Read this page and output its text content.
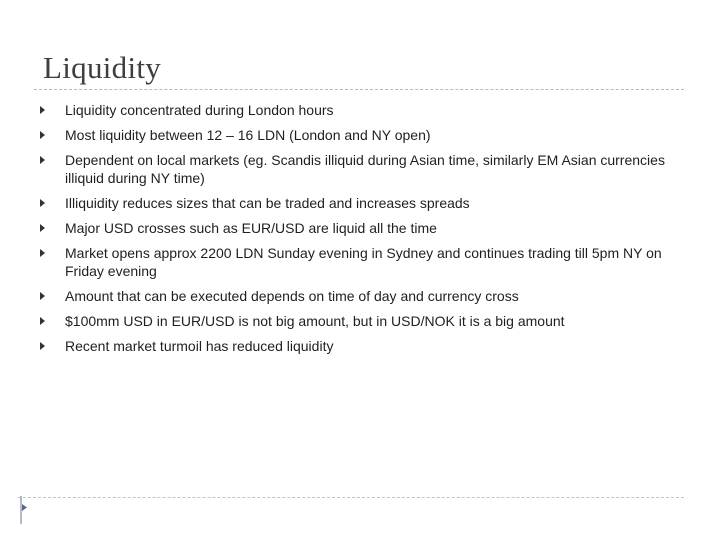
Liquidity
Liquidity concentrated during London hours
Most liquidity between 12 – 16 LDN (London and NY open)
Dependent on local markets (eg. Scandis illiquid during Asian time, similarly EM Asian currencies illiquid during NY time)
Illiquidity reduces sizes that can be traded and increases spreads
Major USD crosses such as EUR/USD are liquid all the time
Market opens approx 2200 LDN Sunday evening in Sydney and continues trading till 5pm NY on Friday evening
Amount that can be executed depends on time of day and currency cross
$100mm USD in EUR/USD is not big amount, but in USD/NOK it is a big amount
Recent market turmoil has reduced liquidity
